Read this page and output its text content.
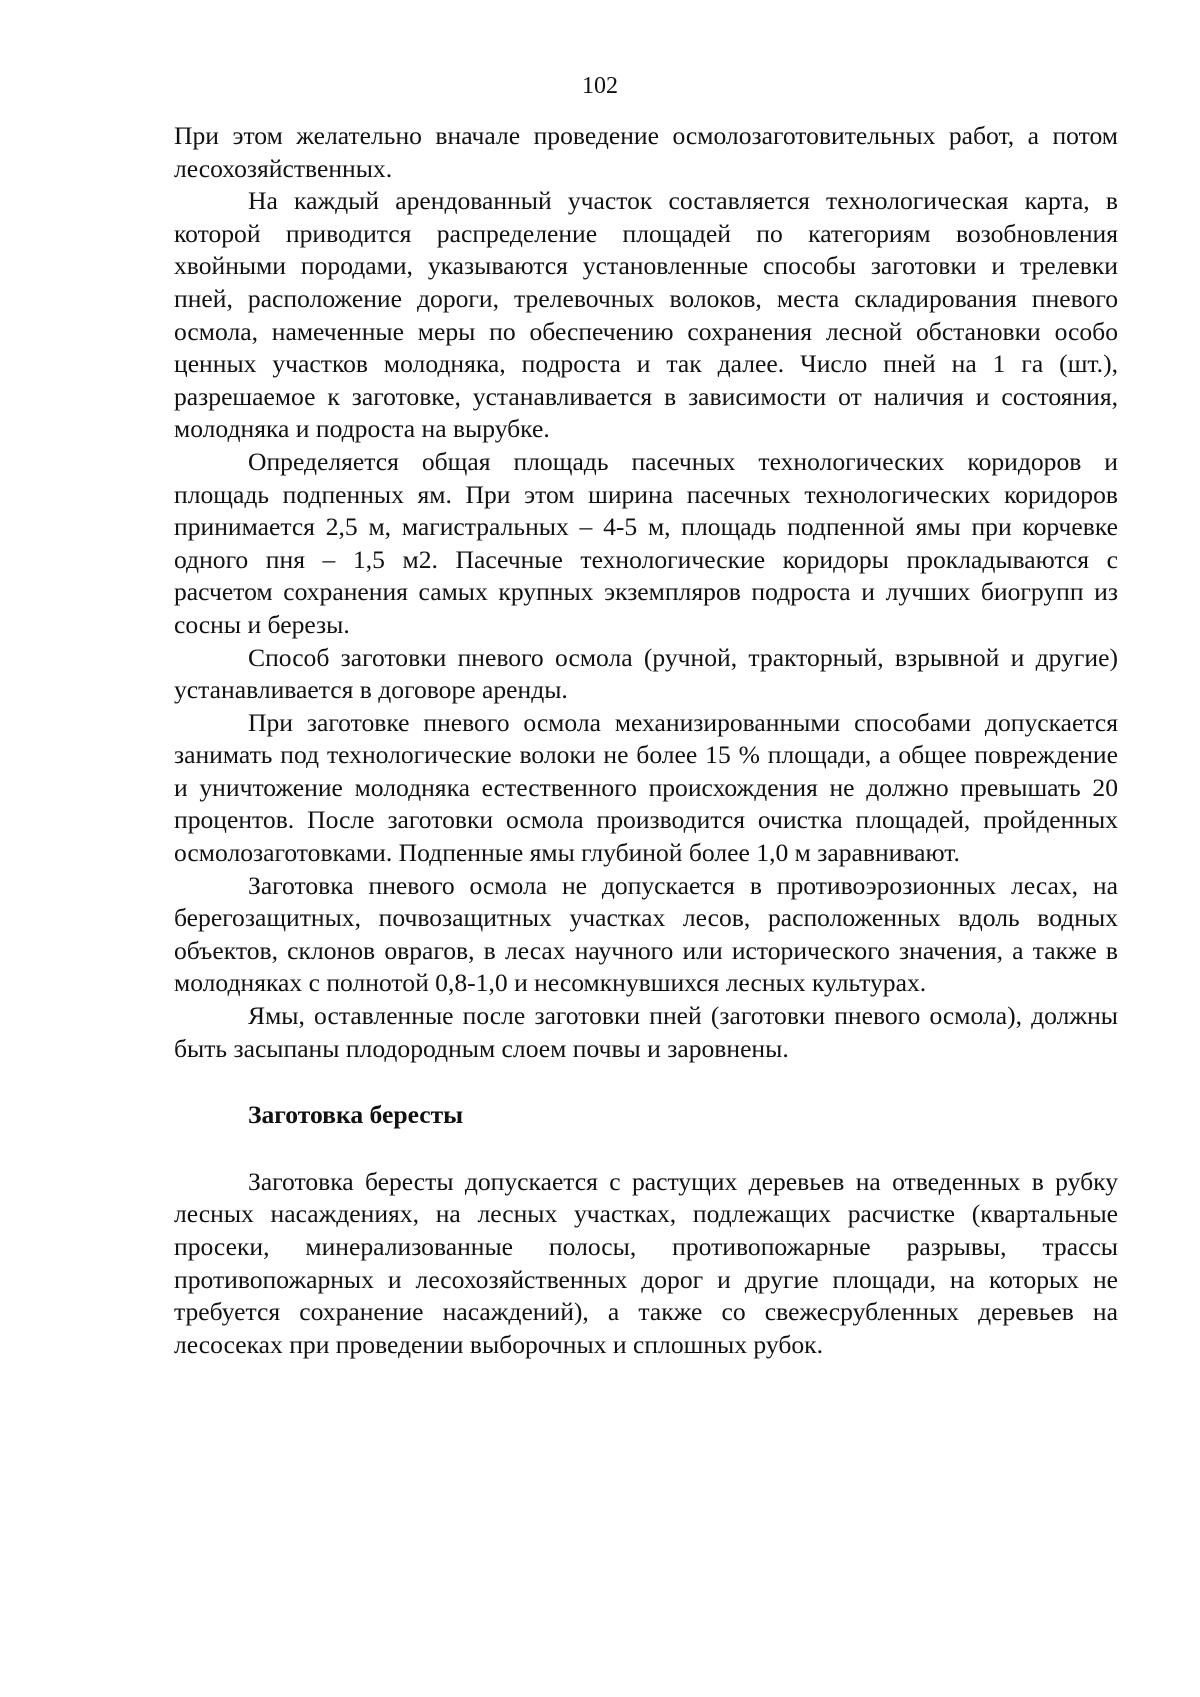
102

При этом желательно вначале проведение осмолозаготовительных работ, а потом лесохозяйственных.

На каждый арендованный участок составляется технологическая карта, в которой приводится распределение площадей по категориям возобновления хвойными породами, указываются установленные способы заготовки и трелевки пней, расположение дороги, трелевочных волоков, места складирования пневого осмола, намеченные меры по обеспечению сохранения лесной обстановки особо ценных участков молодняка, подроста и так далее. Число пней на 1 га (шт.), разрешаемое к заготовке, устанавливается в зависимости от наличия и состояния, молодняка и подроста на вырубке.

Определяется общая площадь пасечных технологических коридоров и площадь подпенных ям. При этом ширина пасечных технологических коридоров принимается 2,5 м, магистральных – 4-5 м, площадь подпенной ямы при корчевке одного пня – 1,5 м2. Пасечные технологические коридоры прокладываются с расчетом сохранения самых крупных экземпляров подроста и лучших биогрупп из сосны и березы.

Способ заготовки пневого осмола (ручной, тракторный, взрывной и другие) устанавливается в договоре аренды.

При заготовке пневого осмола механизированными способами допускается занимать под технологические волоки не более 15 % площади, а общее повреждение и уничтожение молодняка естественного происхождения не должно превышать 20 процентов. После заготовки осмола производится очистка площадей, пройденных осмолозаготовками. Подпенные ямы глубиной более 1,0 м заравнивают.

Заготовка пневого осмола не допускается в противоэрозионных лесах, на берегозащитных, почвозащитных участках лесов, расположенных вдоль водных объектов, склонов оврагов, в лесах научного или исторического значения, а также в молодняках с полнотой 0,8-1,0 и несомкнувшихся лесных культурах.

Ямы, оставленные после заготовки пней (заготовки пневого осмола), должны быть засыпаны плодородным слоем почвы и заровнены.

Заготовка бересты

Заготовка бересты допускается с растущих деревьев на отведенных в рубку лесных насаждениях, на лесных участках, подлежащих расчистке (квартальные просеки, минерализованные полосы, противопожарные разрывы, трассы противопожарных и лесохозяйственных дорог и другие площади, на которых не требуется сохранение насаждений), а также со свежесрубленных деревьев на лесосеках при проведении выборочных и сплошных рубок.
